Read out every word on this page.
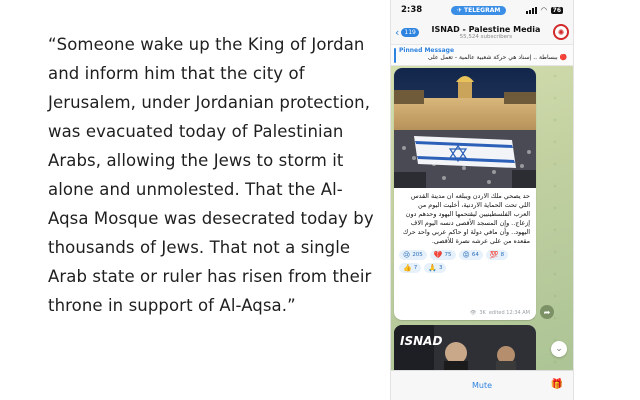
“Someone wake up the King of Jordan and inform him that the city of Jerusalem, under Jordanian protection, was evacuated today of Palestinian Arabs, allowing the Jews to storm it alone and unmolested. That the Al-Aqsa Mosque was desecrated today by thousands of Jews. That not a single Arab state or ruler has risen from their throne in support of Al-Aqsa.”
2:38	✈ TELEGRAM	◠	76
‹ 119	ISNAD - Palestine Media
55,524 subscribers	✺
Pinned Message
🔴 ببساطة .. إسناد هي حركة شعبية عالمية - تعمل على
حد يصحي ملك الاردن ويبلغه ان مدينة القدس اللي تحت الحماية الاردنية، أخليت اليوم من العرب الفلسطينيين ليقتحمها اليهود وحدهم دون إزعاج.. وإن المسجد الأقصى دنسه اليوم الاف اليهود.. وأن مافي دولة او حاكم عربي واحد حرك مقعده من على عرشه نصرة للأقصى.
😢 205 💔 75 😡 64 💯 8
👍 7 🙏 3
👁 3K edited 12:34 AM ➦
ISNAD
⌄
Mute	🎁
